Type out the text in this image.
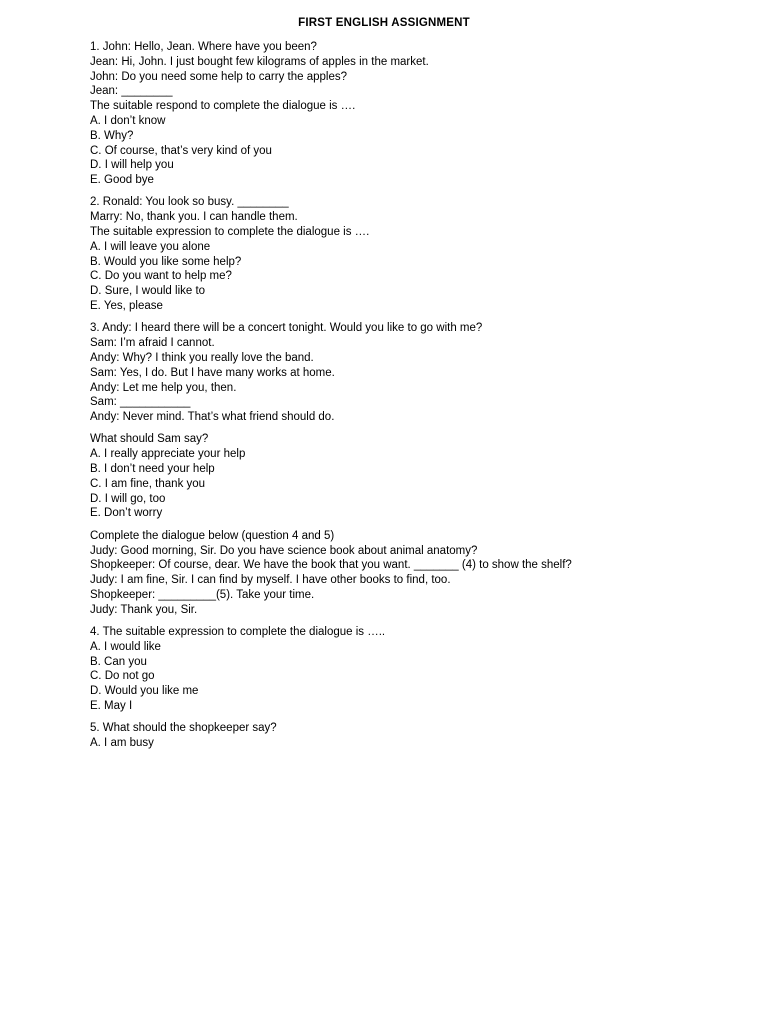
FIRST ENGLISH ASSIGNMENT

1. John: Hello, Jean. Where have you been?

Jean: Hi, John. I just bought few kilograms of apples in the market.

John: Do you need some help to carry the apples?

Jean: ________

The suitable respond to complete the dialogue is ….

A. I don’t know

B. Why?

C. Of course, that’s very kind of you

D. I will help you

E. Good bye

2. Ronald: You look so busy. ________

Marry: No, thank you. I can handle them.

The suitable expression to complete the dialogue is ….

A. I will leave you alone

B. Would you like some help?

C. Do you want to help me?

D. Sure, I would like to

E. Yes, please

3. Andy: I heard there will be a concert tonight. Would you like to go with me?

Sam: I’m afraid I cannot.

Andy: Why? I think you really love the band.

Sam: Yes, I do. But I have many works at home.

Andy: Let me help you, then.

Sam: ___________

Andy: Never mind. That’s what friend should do.

What should Sam say?

A. I really appreciate your help

B. I don’t need your help

C. I am fine, thank you

D. I will go, too

E. Don’t worry

Complete the dialogue below (question 4 and 5)

Judy: Good morning, Sir. Do you have science book about animal anatomy?

Shopkeeper: Of course, dear. We have the book that you want. _______ (4) to show the shelf?

Judy: I am fine, Sir. I can find by myself. I have other books to find, too.

Shopkeeper: _________(5). Take your time.

Judy: Thank you, Sir.

4. The suitable expression to complete the dialogue is …..

A. I would like

B. Can you

C. Do not go

D. Would you like me

E. May I

5. What should the shopkeeper say?

A. I am busy
